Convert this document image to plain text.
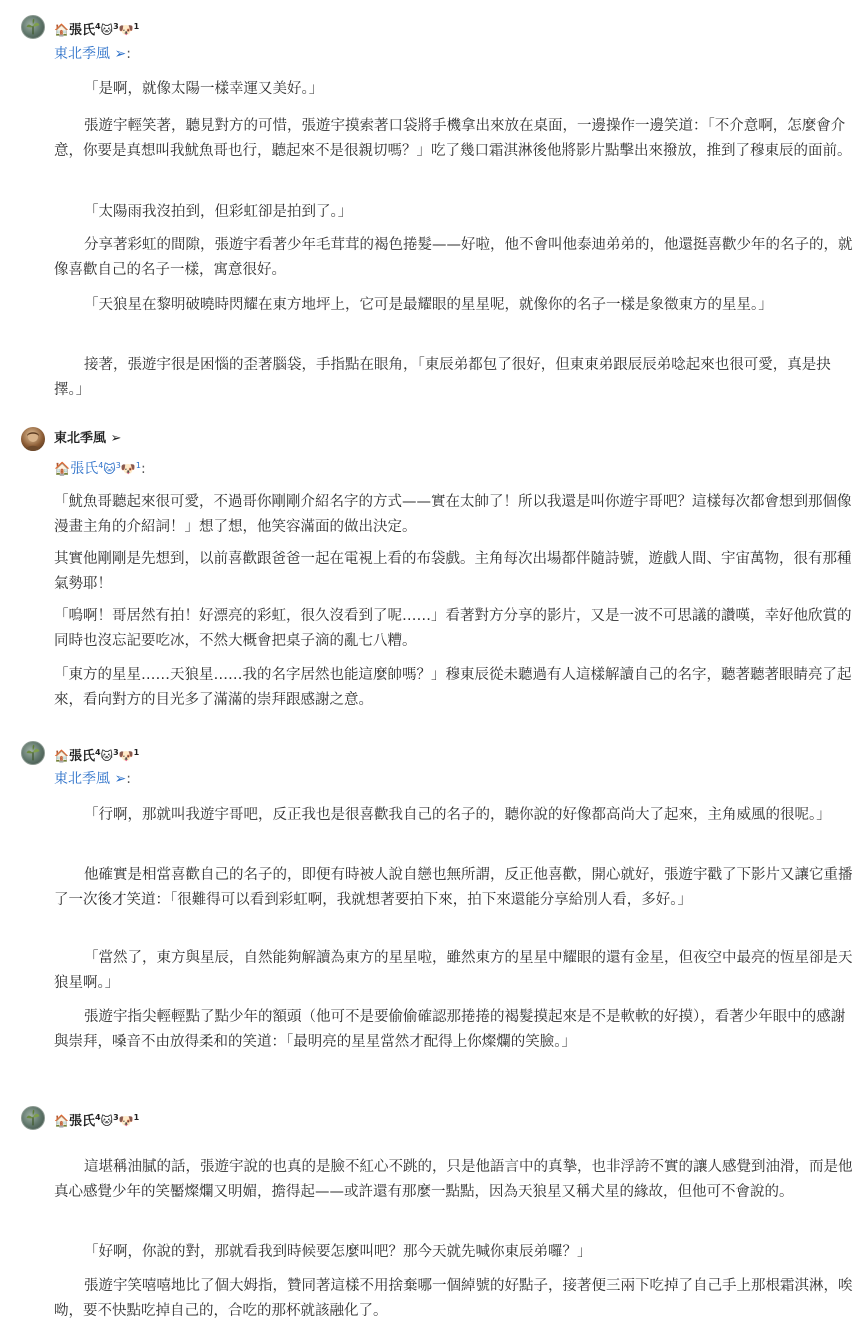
🏠張氏$^4$🐱$^3$🐶$^1$
東北季風 ➢:

「是啊，就像太陽一樣幸運又美好。」

張遊宇輕笑著，聽見對方的可惜，張遊宇摸索著口袋將手機拿出來放在桌面，一邊操作一邊笑道：「不介意啊，怎麼會介意，你要是真想叫我魷魚哥也行，聽起來不是很親切嗎？」吃了幾口霜淇淋後他將影片點擊出來撥放，推到了穆東辰的面前。

「太陽雨我沒拍到，但彩虹卻是拍到了。」

分享著彩虹的間隙，張遊宇看著少年毛茸茸的褐色捲髮——好啦，他不會叫他泰迪弟弟的，他還挺喜歡少年的名子的，就像喜歡自己的名子一樣，寓意很好。

「天狼星在黎明破曉時閃耀在東方地坪上，它可是最耀眼的星星呢，就像你的名子一樣是象徵東方的星星。」

接著，張遊宇很是困惱的歪著腦袋，手指點在眼角，「東辰弟都包了很好，但東東弟跟辰辰弟唸起來也很可愛，真是抉擇。」

東北季風 ➢
🏠張氏$^4$🐱$^3$🐶$^1$:

「魷魚哥聽起來很可愛，不過哥你剛剛介紹名字的方式——實在太帥了！所以我還是叫你遊宇哥吧？這樣每次都會想到那個像漫畫主角的介紹詞！」想了想，他笑容滿面的做出決定。

其實他剛剛是先想到，以前喜歡跟爸爸一起在電視上看的布袋戲。主角每次出場都伴隨詩號，遊戲人間、宇宙萬物，很有那種氣勢耶！

「嗚啊！哥居然有拍！好漂亮的彩虹，很久沒看到了呢……」看著對方分享的影片，又是一波不可思議的讚嘆，幸好他欣賞的同時也沒忘記要吃冰，不然大概會把桌子滴的亂七八糟。

「東方的星星……天狼星……我的名字居然也能這麼帥嗎？」穆東辰從未聽過有人這樣解讀自己的名字，聽著聽著眼睛亮了起來，看向對方的目光多了滿滿的崇拜跟感謝之意。

🏠張氏$^4$🐱$^3$🐶$^1$
東北季風 ➢:

「行啊，那就叫我遊宇哥吧，反正我也是很喜歡我自己的名子的，聽你說的好像都高尚大了起來，主角威風的很呢。」

他確實是相當喜歡自己的名子的，即便有時被人說自戀也無所謂，反正他喜歡，開心就好，張遊宇戳了下影片又讓它重播了一次後才笑道：「很難得可以看到彩虹啊，我就想著要拍下來，拍下來還能分享給別人看，多好。」

「當然了，東方與星辰，自然能夠解讀為東方的星星啦，雖然東方的星星中耀眼的還有金星，但夜空中最亮的恆星卻是天狼星啊。」

張遊宇指尖輕輕點了點少年的額頭（他可不是要偷偷確認那捲捲的褐髮摸起來是不是軟軟的好摸），看著少年眼中的感謝與崇拜，嗓音不由放得柔和的笑道：「最明亮的星星當然才配得上你燦爛的笑臉。」

🏠張氏$^4$🐱$^3$🐶$^1$

這堪稱油膩的話，張遊宇說的也真的是臉不紅心不跳的，只是他語言中的真摯，也非浮誇不實的讓人感覺到油滑，而是他真心感覺少年的笑靨燦爛又明媚，擔得起——或許還有那麼一點點，因為天狼星又稱犬星的緣故，但他可不會說的。

「好啊，你說的對，那就看我到時候要怎麼叫吧？那今天就先喊你東辰弟囉？」

張遊宇笑嘻嘻地比了個大姆指，贊同著這樣不用捨棄哪一個綽號的好點子，接著便三兩下吃掉了自己手上那根霜淇淋，唉呦，要不快點吃掉自己的，合吃的那杯就該融化了。
